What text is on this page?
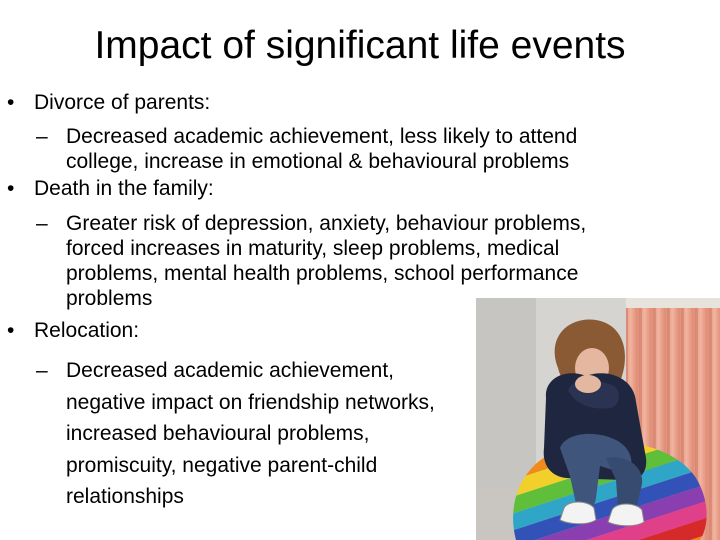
Impact of significant life events
• Divorce of parents:
– Decreased academic achievement, less likely to attend
college, increase in emotional & behavioural problems
• Death in the family:
– Greater risk of depression, anxiety, behaviour problems,
forced increases in maturity, sleep problems, medical
problems, mental health problems, school performance
problems
• Relocation:
– Decreased academic achievement,
negative impact on friendship networks,
increased behavioural problems,
promiscuity, negative parent-child
relationships
